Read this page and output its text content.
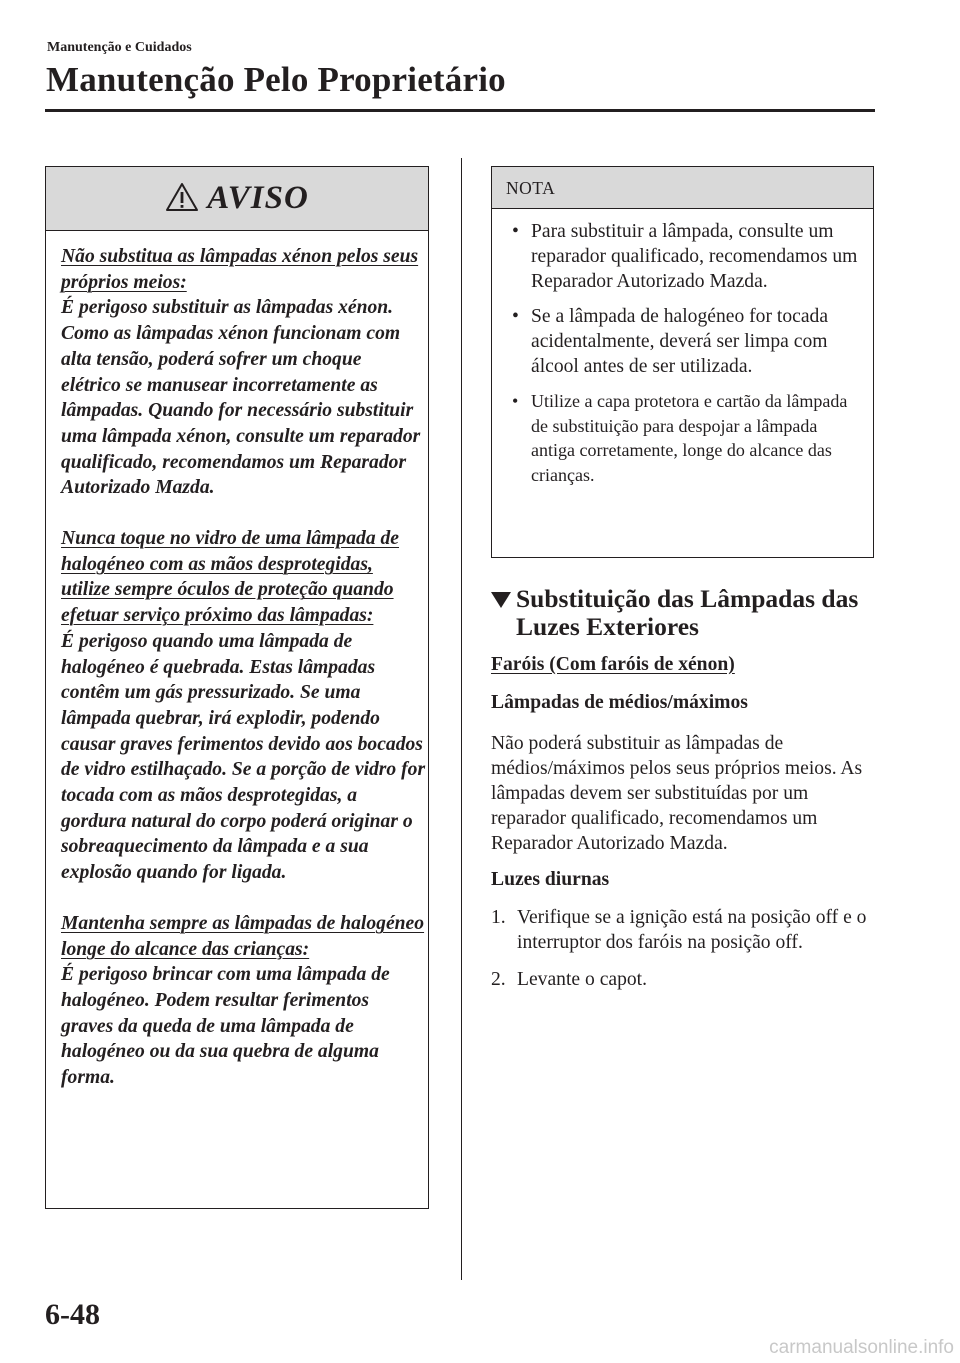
Manutenção e Cuidados
Manutenção Pelo Proprietário
AVISO

Não substitua as lâmpadas xénon pelos seus próprios meios:

É perigoso substituir as lâmpadas xénon. Como as lâmpadas xénon funcionam com alta tensão, poderá sofrer um choque elétrico se manusear incorretamente as lâmpadas. Quando for necessário substituir uma lâmpada xénon, consulte um reparador qualificado, recomendamos um Reparador Autorizado Mazda.

Nunca toque no vidro de uma lâmpada de halogéneo com as mãos desprotegidas, utilize sempre óculos de proteção quando efetuar serviço próximo das lâmpadas:

É perigoso quando uma lâmpada de halogéneo é quebrada. Estas lâmpadas contêm um gás pressurizado. Se uma lâmpada quebrar, irá explodir, podendo causar graves ferimentos devido aos bocados de vidro estilhaçado. Se a porção de vidro for tocada com as mãos desprotegidas, a gordura natural do corpo poderá originar o sobreaquecimento da lâmpada e a sua explosão quando for ligada.

Mantenha sempre as lâmpadas de halogéneo longe do alcance das crianças:

É perigoso brincar com uma lâmpada de halogéneo. Podem resultar ferimentos graves da queda de uma lâmpada de halogéneo ou da sua quebra de alguma forma.

NOTA
• Para substituir a lâmpada, consulte um reparador qualificado, recomendamos um Reparador Autorizado Mazda.
• Se a lâmpada de halogéneo for tocada acidentalmente, deverá ser limpa com álcool antes de ser utilizada.
• Utilize a capa protetora e cartão da lâmpada de substituição para despojar a lâmpada antiga corretamente, longe do alcance das crianças.
Substituição das Lâmpadas das Luzes Exteriores
Faróis (Com faróis de xénon)
Lâmpadas de médios/máximos

Não poderá substituir as lâmpadas de médios/máximos pelos seus próprios meios. As lâmpadas devem ser substituídas por um reparador qualificado, recomendamos um Reparador Autorizado Mazda.

Luzes diurnas
1. Verifique se a ignição está na posição off e o interruptor dos faróis na posição off.
2. Levante o capot.
6-48
carmanualsonline.info
